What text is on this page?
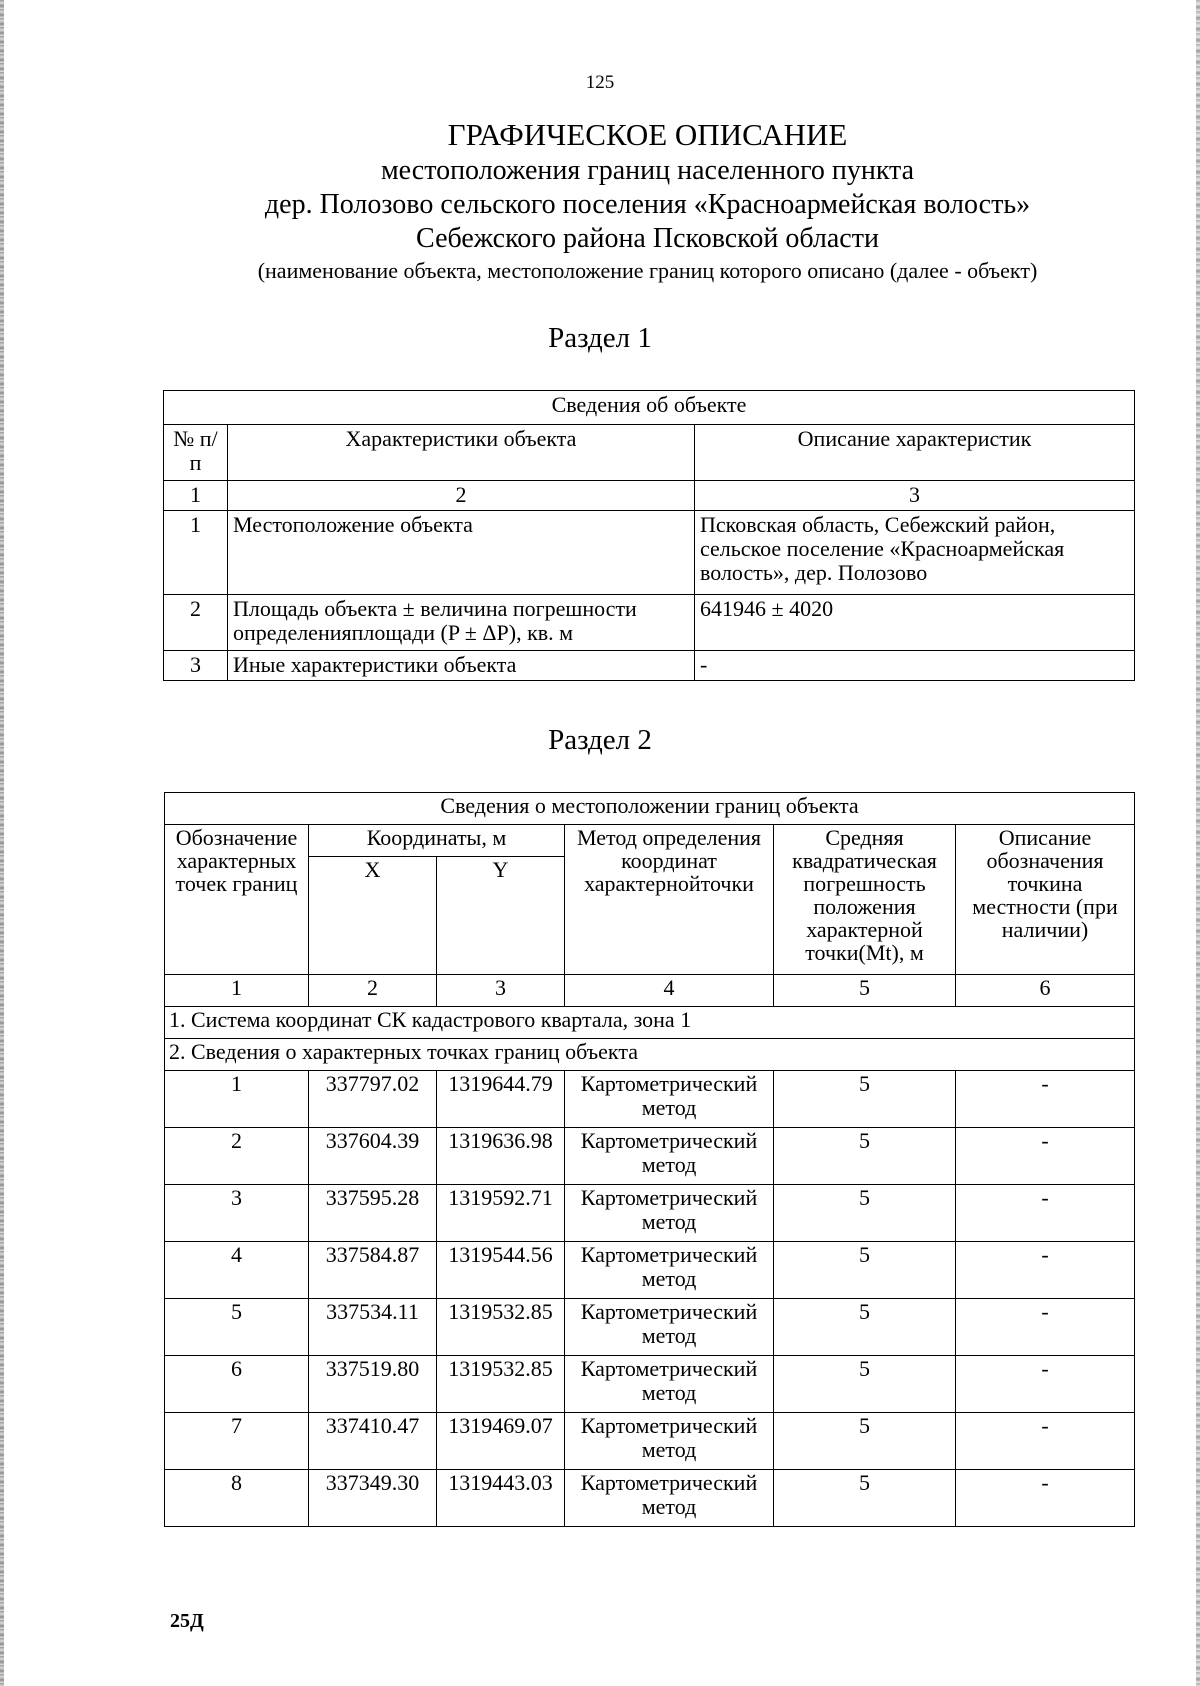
125
ГРАФИЧЕСКОЕ ОПИСАНИЕ
местоположения границ населенного пункта
дер. Полозово сельского поселения «Красноармейская волость»
Себежского района Псковской области
(наименование объекта, местоположение границ которого описано (далее - объект)
Раздел 1
Сведения об объекте		
№ п/п	Характеристики объекта	Описание характеристик
1	2	3
1	Местоположение объекта	Псковская область, Себежский район, сельское поселение «Красноармейская волость», дер. Полозово
2	Площадь объекта ± величина погрешности определенияплощади (P ± ΔP), кв. м	641946 ± 4020
3	Иные характеристики объекта	-
Раздел 2
Сведения о местоположении границ объекта					
Обозначение характерных точек границ	Координаты, м		Метод определения координат характернойточки	Средняя квадратическая погрешность положения характерной точки(Mt), м	Описание обозначения точкина местности (при наличии)
	X	Y			
1	2	3	4	5	6
1. Система координат СК кадастрового квартала, зона 1					
2. Сведения о характерных точках границ объекта					
1	337797.02	1319644.79	Картометрический метод	5	-
2	337604.39	1319636.98	Картометрический метод	5	-
3	337595.28	1319592.71	Картометрический метод	5	-
4	337584.87	1319544.56	Картометрический метод	5	-
5	337534.11	1319532.85	Картометрический метод	5	-
6	337519.80	1319532.85	Картометрический метод	5	-
7	337410.47	1319469.07	Картометрический метод	5	-
8	337349.30	1319443.03	Картометрический метод	5	-
25Д
